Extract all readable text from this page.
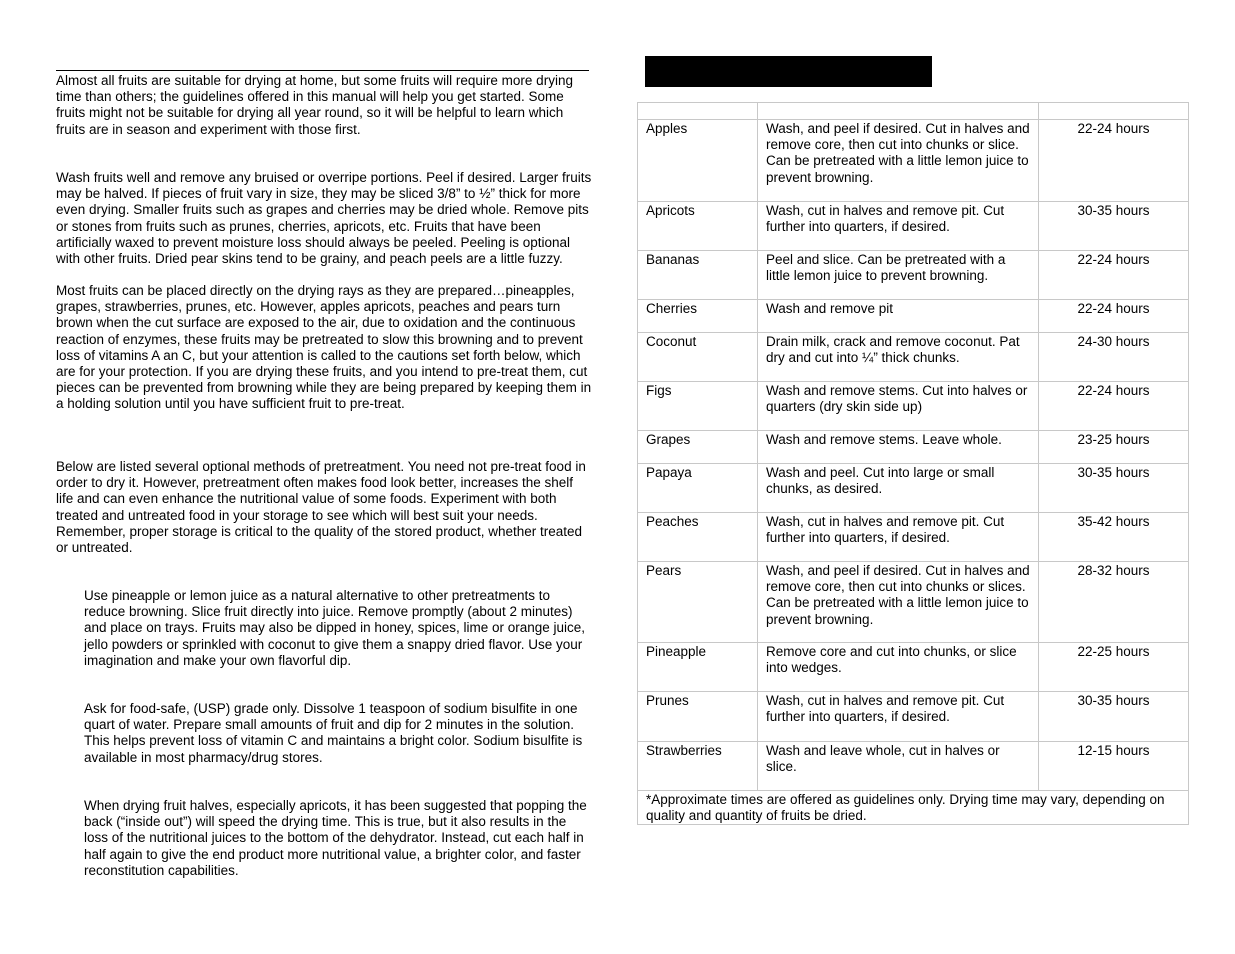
Almost all fruits are suitable for drying at home, but some fruits will require more drying time than others; the guidelines offered in this manual will help you get started. Some fruits might not be suitable for drying all year round, so it will be helpful to learn which fruits are in season and experiment with those first.

Wash fruits well and remove any bruised or overripe portions. Peel if desired. Larger fruits may be halved. If pieces of fruit vary in size, they may be sliced 3/8” to ½” thick for more even drying. Smaller fruits such as grapes and cherries may be dried whole. Remove pits or stones from fruits such as prunes, cherries, apricots, etc. Fruits that have been artificially waxed to prevent moisture loss should always be peeled. Peeling is optional with other fruits. Dried pear skins tend to be grainy, and peach peels are a little fuzzy.

Most fruits can be placed directly on the drying rays as they are prepared…pineapples, grapes, strawberries, prunes, etc. However, apples apricots, peaches and pears turn brown when the cut surface are exposed to the air, due to oxidation and the continuous reaction of enzymes, these fruits may be pretreated to slow this browning and to prevent loss of vitamins A an C, but your attention is called to the cautions set forth below, which are for your protection. If you are drying these fruits, and you intend to pre-treat them, cut pieces can be prevented from browning while they are being prepared by keeping them in a holding solution until you have sufficient fruit to pre-treat.

Below are listed several optional methods of pretreatment. You need not pre-treat food in order to dry it. However, pretreatment often makes food look better, increases the shelf life and can even enhance the nutritional value of some foods. Experiment with both treated and untreated food in your storage to see which will best suit your needs. Remember, proper storage is critical to the quality of the stored product, whether treated or untreated.

Use pineapple or lemon juice as a natural alternative to other pretreatments to reduce browning. Slice fruit directly into juice. Remove promptly (about 2 minutes) and place on trays. Fruits may also be dipped in honey, spices, lime or orange juice, jello powders or sprinkled with coconut to give them a snappy dried flavor. Use your imagination and make your own flavorful dip.

Ask for food-safe, (USP) grade only. Dissolve 1 teaspoon of sodium bisulfite in one quart of water. Prepare small amounts of fruit and dip for 2 minutes in the solution. This helps prevent loss of vitamin C and maintains a bright color. Sodium bisulfite is available in most pharmacy/drug stores.

When drying fruit halves, especially apricots, it has been suggested that popping the back (“inside out”) will speed the drying time. This is true, but it also results in the loss of the nutritional juices to the bottom of the dehydrator. Instead, cut each half in half again to give the end product more nutritional value, a brighter color, and faster reconstitution capabilities.

Apples	Wash, and peel if desired. Cut in halves and remove core, then cut into chunks or slice. Can be pretreated with a little lemon juice to prevent browning.	22-24 hours
Apricots	Wash, cut in halves and remove pit. Cut further into quarters, if desired.	30-35 hours
Bananas	Peel and slice. Can be pretreated with a little lemon juice to prevent browning.	22-24 hours
Cherries	Wash and remove pit	22-24 hours
Coconut	Drain milk, crack and remove coconut. Pat dry and cut into ¼” thick chunks.	24-30 hours
Figs	Wash and remove stems. Cut into halves or quarters (dry skin side up)	22-24 hours
Grapes	Wash and remove stems. Leave whole.	23-25 hours
Papaya	Wash and peel. Cut into large or small chunks, as desired.	30-35 hours
Peaches	Wash, cut in halves and remove pit. Cut further into quarters, if desired.	35-42 hours
Pears	Wash, and peel if desired. Cut in halves and remove core, then cut into chunks or slices. Can be pretreated with a little lemon juice to prevent browning.	28-32 hours
Pineapple	Remove core and cut into chunks, or slice into wedges.	22-25 hours
Prunes	Wash, cut in halves and remove pit. Cut further into quarters, if desired.	30-35 hours
Strawberries	Wash and leave whole, cut in halves or slice.	12-15 hours
*Approximate times are offered as guidelines only. Drying time may vary, depending on quality and quantity of fruits be dried.		
